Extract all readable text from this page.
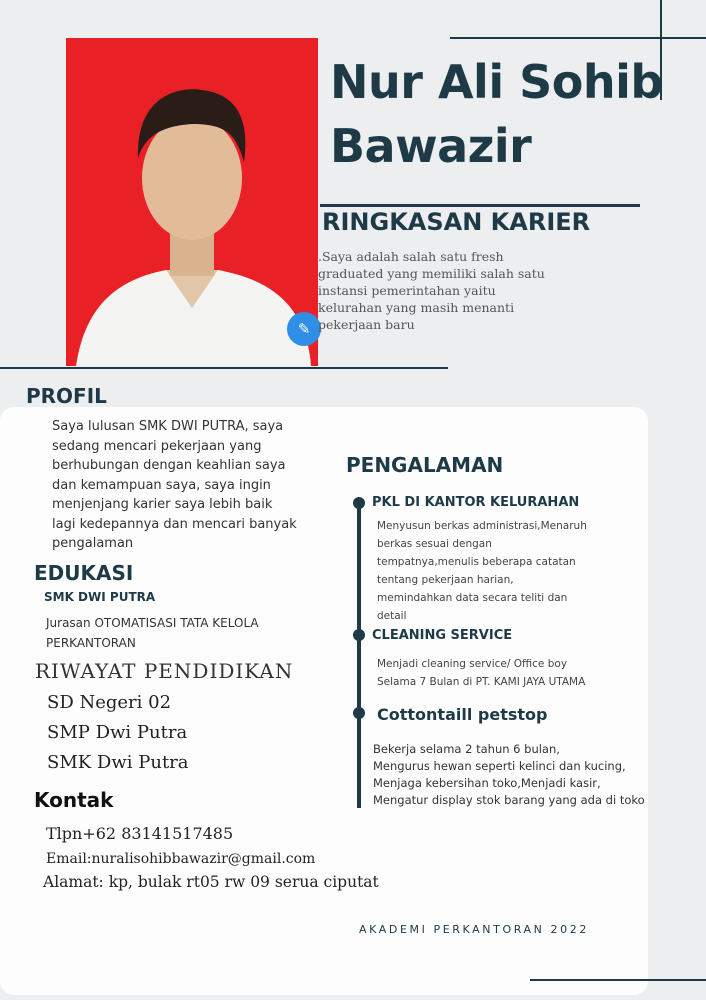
✎
Nur Ali Sohib
Bawazir
RINGKASAN KARIER
.Saya adalah salah satu fresh
graduated yang memiliki salah satu
instansi pemerintahan yaitu
kelurahan yang masih menanti
pekerjaan baru
PROFIL
Saya lulusan SMK DWI PUTRA, saya
sedang mencari pekerjaan yang
berhubungan dengan keahlian saya
dan kemampuan saya, saya ingin
menjenjang karier saya lebih baik
lagi kedepannya dan mencari banyak
pengalaman
EDUKASI
SMK DWI PUTRA
Jurasan OTOMATISASI TATA KELOLA
PERKANTORAN
RIWAYAT PENDIDIKAN
SD Negeri 02
SMP Dwi Putra
SMK Dwi Putra
Kontak
Tlpn+62 83141517485
Email:nuralisohibbawazir@gmail.com
Alamat: kp, bulak rt05 rw 09 serua ciputat
PENGALAMAN
PKL DI KANTOR KELURAHAN
Menyusun berkas administrasi,Menaruh
berkas sesuai dengan
tempatnya,menulis beberapa catatan
tentang pekerjaan harian,
memindahkan data secara teliti dan
detail
CLEANING SERVICE
Menjadi cleaning service/ Office boy
Selama 7 Bulan di PT. KAMI JAYA UTAMA
Cottontaill petstop
Bekerja selama 2 tahun 6 bulan,
Mengurus hewan seperti kelinci dan kucing,
Menjaga kebersihan toko,Menjadi kasir,
Mengatur display stok barang yang ada di toko
AKADEMI PERKANTORAN 2022
